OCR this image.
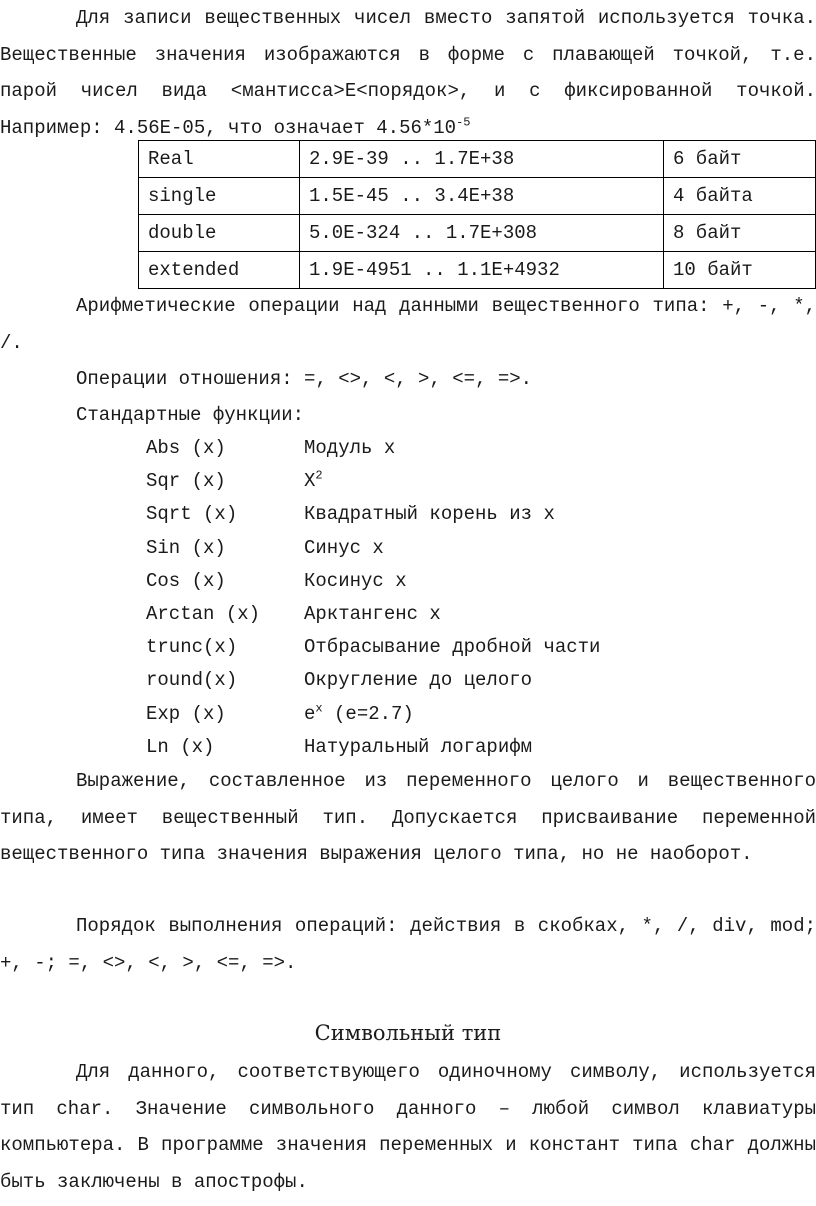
Для записи вещественных чисел вместо запятой используется точка. Вещественные значения изображаются в форме с плавающей точкой, т.е. парой чисел вида <мантисса>E<порядок>, и с фиксированной точкой. Например: 4.56E-05, что означает $4.56*10^{-5}$

Real	2.9E-39 .. 1.7E+38	6 байт
single	1.5E-45 .. 3.4E+38	4 байта
double	5.0E-324 .. 1.7E+308	8 байт
extended	1.9E-4951 .. 1.1E+4932	10 байт

Арифметические операции над данными вещественного типа: +, -, *, /.

Операции отношения: =, <>, <, >, <=, =>.

Стандартные функции:

Abs (x)	Модуль x
Sqr (x)	$X^2$
Sqrt (x)	Квадратный корень из x
Sin (x)	Синус x
Cos (x)	Косинус x
Arctan (x) Арктангенс x
trunc(x)	Отбрасывание дробной части
round(x)	Округление до целого
Exp (x)	$e^x$ (e=2.7)
Ln (x)	Натуральный логарифм

Выражение, составленное из переменного целого и вещественного типа, имеет вещественный тип. Допускается присваивание переменной вещественного типа значения выражения целого типа, но не наоборот.

Порядок выполнения операций: действия в скобках, *, /, div, mod; +, -; =, <>, <, >, <=, =>.

Символьный тип

Для данного, соответствующего одиночному символу, используется тип char. Значение символьного данного – любой символ клавиатуры компьютера. В программе значения переменных и констант типа char должны быть заключены в апострофы.
